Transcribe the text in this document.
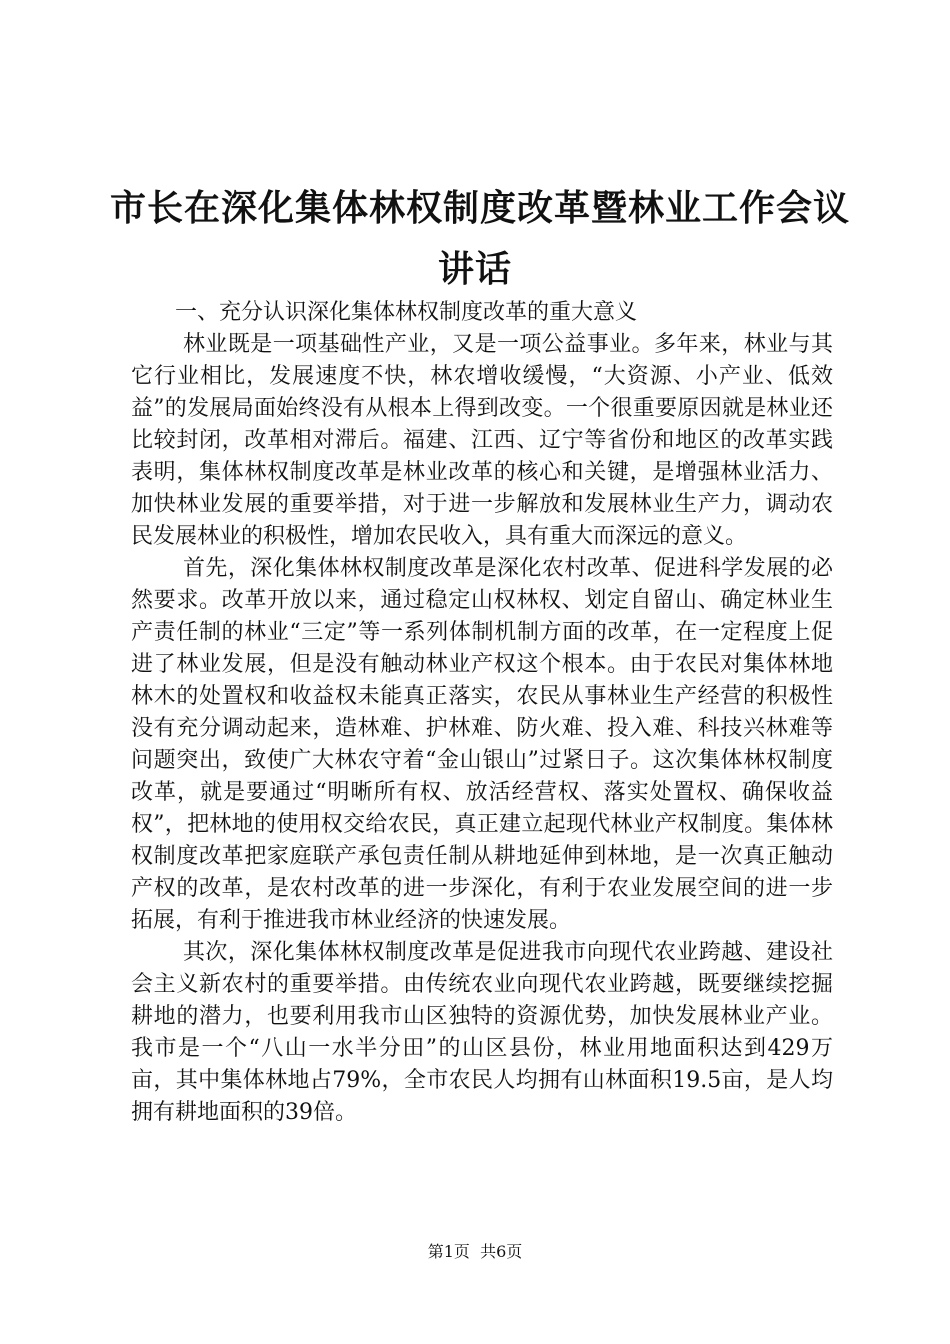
市长在深化集体林权制度改革暨林业工作会议
讲话

一、充分认识深化集体林权制度改革的重大意义

林业既是一项基础性产业，又是一项公益事业。多年来，林业与其它行业相比，发展速度不快，林农增收缓慢，“大资源、小产业、低效益”的发展局面始终没有从根本上得到改变。一个很重要原因就是林业还比较封闭，改革相对滞后。福建、江西、辽宁等省份和地区的改革实践表明，集体林权制度改革是林业改革的核心和关键，是增强林业活力、加快林业发展的重要举措，对于进一步解放和发展林业生产力，调动农民发展林业的积极性，增加农民收入，具有重大而深远的意义。

首先，深化集体林权制度改革是深化农村改革、促进科学发展的必然要求。改革开放以来，通过稳定山权林权、划定自留山、确定林业生产责任制的林业“三定”等一系列体制机制方面的改革，在一定程度上促进了林业发展，但是没有触动林业产权这个根本。由于农民对集体林地林木的处置权和收益权未能真正落实，农民从事林业生产经营的积极性没有充分调动起来，造林难、护林难、防火难、投入难、科技兴林难等问题突出，致使广大林农守着“金山银山”过紧日子。这次集体林权制度改革，就是要通过“明晰所有权、放活经营权、落实处置权、确保收益权”，把林地的使用权交给农民，真正建立起现代林业产权制度。集体林权制度改革把家庭联产承包责任制从耕地延伸到林地，是一次真正触动产权的改革，是农村改革的进一步深化，有利于农业发展空间的进一步拓展，有利于推进我市林业经济的快速发展。

其次，深化集体林权制度改革是促进我市向现代农业跨越、建设社会主义新农村的重要举措。由传统农业向现代农业跨越，既要继续挖掘耕地的潜力，也要利用我市山区独特的资源优势，加快发展林业产业。我市是一个“八山一水半分田”的山区县份，林业用地面积达到429万亩，其中集体林地占79%，全市农民人均拥有山林面积19.5亩，是人均拥有耕地面积的39倍。

第1页  共6页
